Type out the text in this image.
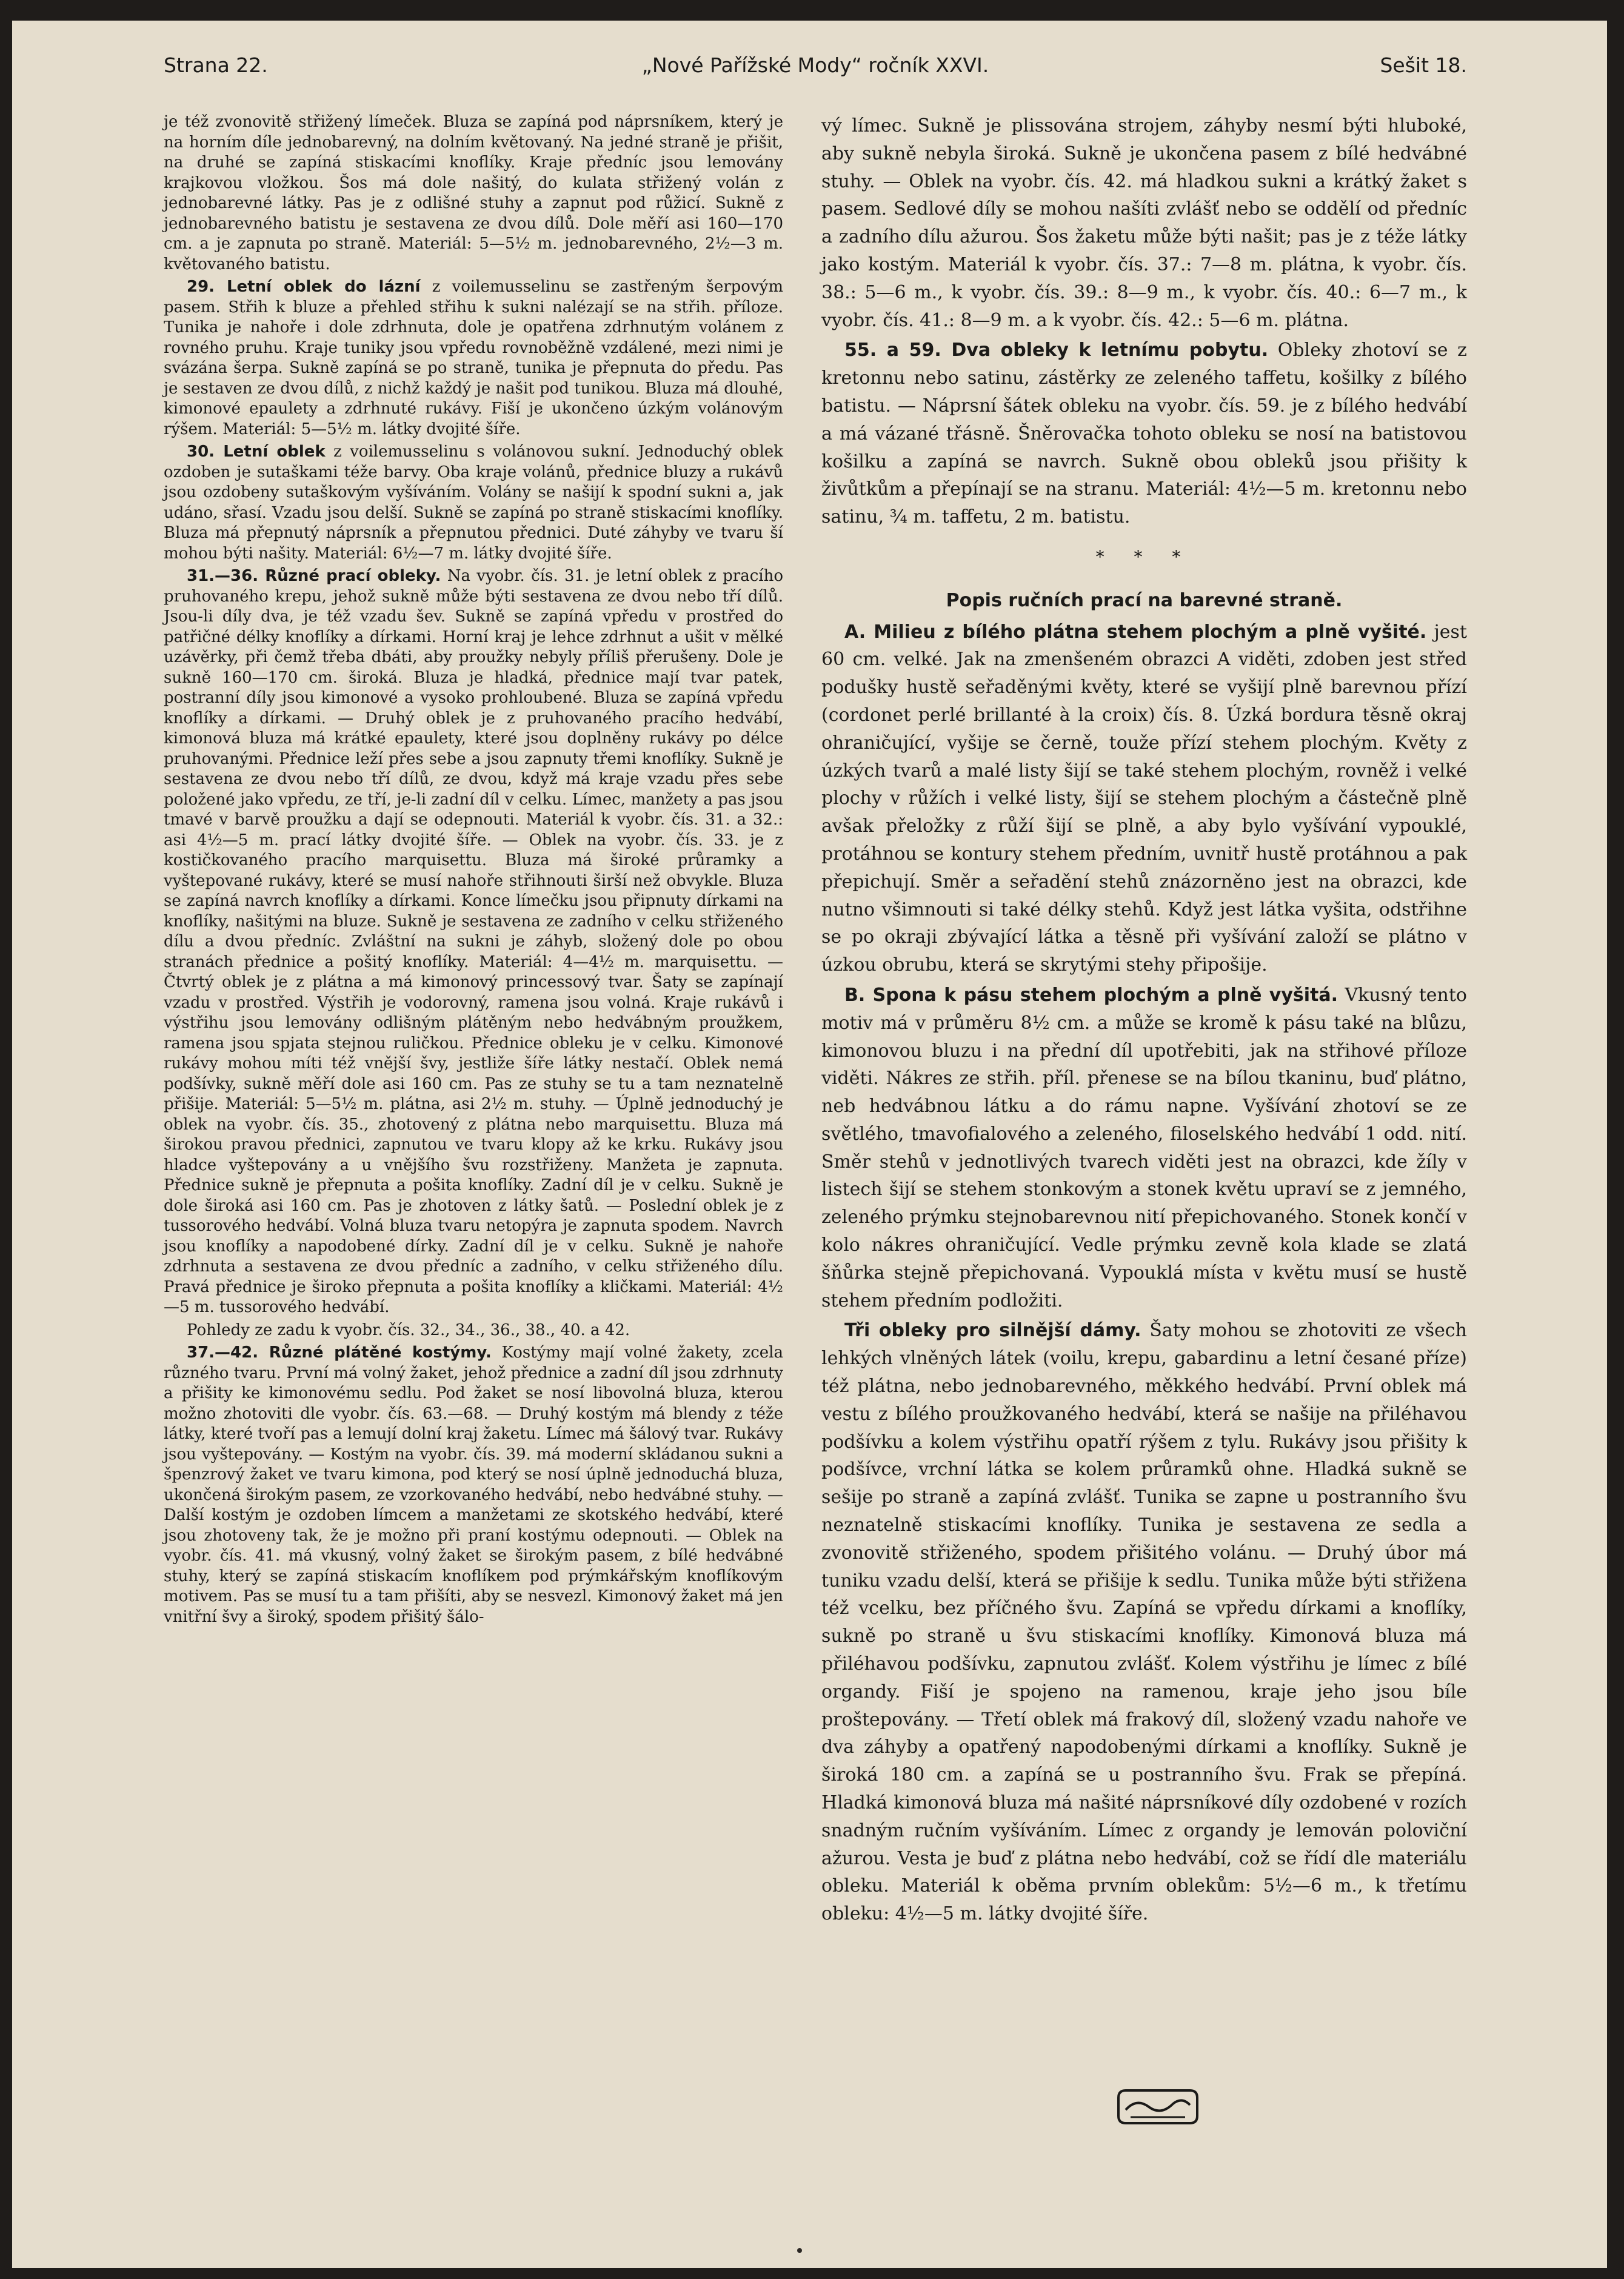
„Nové Pařížské Mody“ ročník XXVI.
Strana 22.	Sešit 18.

je též zvonovitě střižený límeček. Bluza se zapíná pod náprsníkem, který je na horním díle jednobarevný, na dolním květovaný. Na jedné straně je přišit, na druhé se zapíná stiskacími knoflíky. Kraje předníc jsou lemovány krajkovou vložkou. Šos má dole našitý, do kulata střižený volán z jednobarevné látky. Pas je z odlišné stuhy a zapnut pod růžicí. Sukně z jednobarevného batistu je sestavena ze dvou dílů. Dole měří asi 160—170 cm. a je zapnuta po straně. Materiál: 5—5½ m. jednobarevného, 2½—3 m. květovaného batistu.

29. Letní oblek do lázní z voilemusselinu se zastřeným šerpovým pasem. Střih k bluze a přehled střihu k sukni nalézají se na střih. příloze. Tunika je nahoře i dole zdrhnuta, dole je opatřena zdrhnutým volánem z rovného pruhu. Kraje tuniky jsou vpředu rovnoběžně vzdálené, mezi nimi je svázána šerpa. Sukně zapíná se po straně, tunika je přepnuta do předu. Pas je sestaven ze dvou dílů, z nichž každý je našit pod tunikou. Bluza má dlouhé, kimonové epaulety a zdrhnuté rukávy. Fiší je ukončeno úzkým volánovým rýšem. Materiál: 5—5½ m. látky dvojité šíře.

30. Letní oblek z voilemusselinu s volánovou sukní. Jednoduchý oblek ozdoben je sutaškami téže barvy. Oba kraje volánů, přednice bluzy a rukávů jsou ozdobeny sutaškovým vyšíváním. Volány se našijí k spodní sukni a, jak udáno, sřasí. Vzadu jsou delší. Sukně se zapíná po straně stiskacími knoflíky. Bluza má přepnutý náprsník a přepnutou přednici. Duté záhyby ve tvaru ší mohou býti našity. Materiál: 6½—7 m. látky dvojité šíře.

31.—36. Různé prací obleky. Na vyobr. čís. 31. je letní oblek z pracího pruhovaného krepu, jehož sukně může býti sestavena ze dvou nebo tří dílů. Jsou-li díly dva, je též vzadu šev. Sukně se zapíná vpředu v prostřed do patřičné délky knoflíky a dírkami. Horní kraj je lehce zdrhnut a ušit v mělké uzávěrky, při čemž třeba dbáti, aby proužky nebyly příliš přerušeny. Dole je sukně 160—170 cm. široká. Bluza je hladká, přednice mají tvar patek, postranní díly jsou kimonové a vysoko prohloubené. Bluza se zapíná vpředu knoflíky a dírkami. — Druhý oblek je z pruhovaného pracího hedvábí, kimonová bluza má krátké epaulety, které jsou doplněny rukávy po délce pruhovanými. Přednice leží přes sebe a jsou zapnuty třemi knoflíky. Sukně je sestavena ze dvou nebo tří dílů, ze dvou, když má kraje vzadu přes sebe položené jako vpředu, ze tří, je-li zadní díl v celku. Límec, manžety a pas jsou tmavé v barvě proužku a dají se odepnouti. Materiál k vyobr. čís. 31. a 32.: asi 4½—5 m. prací látky dvojité šíře. — Oblek na vyobr. čís. 33. je z kostičkovaného pracího marquisettu. Bluza má široké průramky a vyštepované rukávy, které se musí nahoře střihnouti širší než obvykle. Bluza se zapíná navrch knoflíky a dírkami. Konce límečku jsou připnuty dírkami na knoflíky, našitými na bluze. Sukně je sestavena ze zadního v celku střiženého dílu a dvou předníc. Zvláštní na sukni je záhyb, složený dole po obou stranách přednice a pošitý knoflíky. Materiál: 4—4½ m. marquisettu. — Čtvrtý oblek je z plátna a má kimonový princessový tvar. Šaty se zapínají vzadu v prostřed. Výstřih je vodorovný, ramena jsou volná. Kraje rukávů i výstřihu jsou lemovány odlišným plátěným nebo hedvábným proužkem, ramena jsou spjata stejnou ruličkou. Přednice obleku je v celku. Kimonové rukávy mohou míti též vnější švy, jestliže šíře látky nestačí. Oblek nemá podšívky, sukně měří dole asi 160 cm. Pas ze stuhy se tu a tam neznatelně přišije. Materiál: 5—5½ m. plátna, asi 2½ m. stuhy. — Úplně jednoduchý je oblek na vyobr. čís. 35., zhotovený z plátna nebo marquisettu. Bluza má širokou pravou přednici, zapnutou ve tvaru klopy až ke krku. Rukávy jsou hladce vyštepovány a u vnějšího švu rozstřiženy. Manžeta je zapnuta. Přednice sukně je přepnuta a pošita knoflíky. Zadní díl je v celku. Sukně je dole široká asi 160 cm. Pas je zhotoven z látky šatů. — Poslední oblek je z tussorového hedvábí. Volná bluza tvaru netopýra je zapnuta spodem. Navrch jsou knoflíky a napodobené dírky. Zadní díl je v celku. Sukně je nahoře zdrhnuta a sestavena ze dvou předníc a zadního, v celku střiženého dílu. Pravá přednice je široko přepnuta a pošita knoflíky a kličkami. Materiál: 4½—5 m. tussorového hedvábí.

Pohledy ze zadu k vyobr. čís. 32., 34., 36., 38., 40. a 42.

37.—42. Různé plátěné kostýmy. Kostýmy mají volné žakety, zcela různého tvaru. První má volný žaket, jehož přednice a zadní díl jsou zdrhnuty a přišity ke kimonovému sedlu. Pod žaket se nosí libovolná bluza, kterou možno zhotoviti dle vyobr. čís. 63.—68. — Druhý kostým má blendy z téže látky, které tvoří pas a lemují dolní kraj žaketu. Límec má šálový tvar. Rukávy jsou vyštepovány. — Kostým na vyobr. čís. 39. má moderní skládanou sukni a špenzrový žaket ve tvaru kimona, pod který se nosí úplně jednoduchá bluza, ukončená širokým pasem, ze vzorkovaného hedvábí, nebo hedvábné stuhy. — Další kostým je ozdoben límcem a manžetami ze skotského hedvábí, které jsou zhotoveny tak, že je možno při praní kostýmu odepnouti. — Oblek na vyobr. čís. 41. má vkusný, volný žaket se širokým pasem, z bílé hedvábné stuhy, který se zapíná stiskacím knoflíkem pod prýmkářským knoflíkovým motivem. Pas se musí tu a tam přišíti, aby se nesvezl. Kimonový žaket má jen vnitřní švy a široký, spodem přišitý šálo-

vý límec. Sukně je plissována strojem, záhyby nesmí býti hluboké, aby sukně nebyla široká. Sukně je ukončena pasem z bílé hedvábné stuhy. — Oblek na vyobr. čís. 42. má hladkou sukni a krátký žaket s pasem. Sedlové díly se mohou našíti zvlášť nebo se oddělí od předníc a zadního dílu ažurou. Šos žaketu může býti našit; pas je z téže látky jako kostým. Materiál k vyobr. čís. 37.: 7—8 m. plátna, k vyobr. čís. 38.: 5—6 m., k vyobr. čís. 39.: 8—9 m., k vyobr. čís. 40.: 6—7 m., k vyobr. čís. 41.: 8—9 m. a k vyobr. čís. 42.: 5—6 m. plátna.

55. a 59. Dva obleky k letnímu pobytu. Obleky zhotoví se z kretonnu nebo satinu, zástěrky ze zeleného taffetu, košilky z bílého batistu. — Náprsní šátek obleku na vyobr. čís. 59. je z bílého hedvábí a má vázané třásně. Šněrovačka tohoto obleku se nosí na batistovou košilku a zapíná se navrch. Sukně obou obleků jsou přišity k živůtkům a přepínají se na stranu. Materiál: 4½—5 m. kretonnu nebo satinu, ¾ m. taffetu, 2 m. batistu.

* * *

Popis ručních prací na barevné straně.

A. Milieu z bílého plátna stehem plochým a plně vyšité. jest 60 cm. velké. Jak na zmenšeném obrazci A viděti, zdoben jest střed podušky hustě seřaděnými květy, které se vyšijí plně barevnou přízí (cordonet perlé brillanté à la croix) čís. 8. Úzká bordura těsně okraj ohraničující, vyšije se černě, touže přízí stehem plochým. Květy z úzkých tvarů a malé listy šijí se také stehem plochým, rovněž i velké plochy v růžích i velké listy, šijí se stehem plochým a částečně plně avšak přeložky z růží šijí se plně, a aby bylo vyšívání vypouklé, protáhnou se kontury stehem předním, uvnitř hustě protáhnou a pak přepichují. Směr a seřadění stehů znázorněno jest na obrazci, kde nutno všimnouti si také délky stehů. Když jest látka vyšita, odstřihne se po okraji zbývající látka a těsně při vyšívání založí se plátno v úzkou obrubu, která se skrytými stehy připošije.

B. Spona k pásu stehem plochým a plně vyšitá. Vkusný tento motiv má v průměru 8½ cm. a může se kromě k pásu také na blůzu, kimonovou bluzu i na přední díl upotřebiti, jak na střihové příloze viděti. Nákres ze střih. příl. přenese se na bílou tkaninu, buď plátno, neb hedvábnou látku a do rámu napne. Vyšívání zhotoví se ze světlého, tmavofialového a zeleného, filoselského hedvábí 1 odd. nití. Směr stehů v jednotlivých tvarech viděti jest na obrazci, kde žíly v listech šijí se stehem stonkovým a stonek květu upraví se z jemného, zeleného prýmku stejnobarevnou nití přepichovaného. Stonek končí v kolo nákres ohraničující. Vedle prýmku zevně kola klade se zlatá šňůrka stejně přepichovaná. Vypouklá místa v květu musí se hustě stehem předním podložiti.

Tři obleky pro silnější dámy. Šaty mohou se zhotoviti ze všech lehkých vlněných látek (voilu, krepu, gabardinu a letní česané příze) též plátna, nebo jednobarevného, měkkého hedvábí. První oblek má vestu z bílého proužkovaného hedvábí, která se našije na přiléhavou podšívku a kolem výstřihu opatří rýšem z tylu. Rukávy jsou přišity k podšívce, vrchní látka se kolem průramků ohne. Hladká sukně se sešije po straně a zapíná zvlášť. Tunika se zapne u postranního švu neznatelně stiskacími knoflíky. Tunika je sestavena ze sedla a zvonovitě střiženého, spodem přišitého volánu. — Druhý úbor má tuniku vzadu delší, která se přišije k sedlu. Tunika může býti střižena též vcelku, bez příčného švu. Zapíná se vpředu dírkami a knoflíky, sukně po straně u švu stiskacími knoflíky. Kimonová bluza má přiléhavou podšívku, zapnutou zvlášť. Kolem výstřihu je límec z bílé organdy. Fiší je spojeno na ramenou, kraje jeho jsou bíle proštepovány. — Třetí oblek má frakový díl, složený vzadu nahoře ve dva záhyby a opatřený napodobenými dírkami a knoflíky. Sukně je široká 180 cm. a zapíná se u postranního švu. Frak se přepíná. Hladká kimonová bluza má našité náprsníkové díly ozdobené v rozích snadným ručním vyšíváním. Límec z organdy je lemován poloviční ažurou. Vesta je buď z plátna nebo hedvábí, což se řídí dle materiálu obleku. Materiál k oběma prvním oblekům: 5½—6 m., k třetímu obleku: 4½—5 m. látky dvojité šíře.
